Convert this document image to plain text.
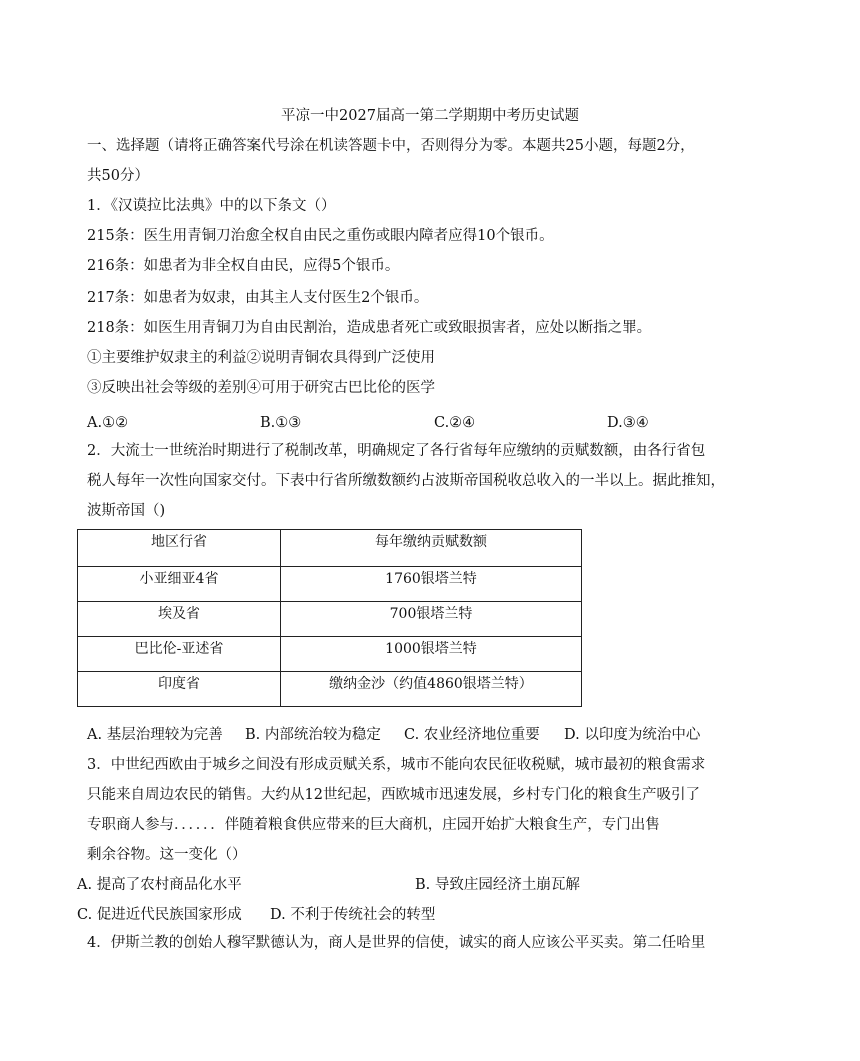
平凉一中2027届高一第二学期期中考历史试题
一、选择题（请将正确答案代号涂在机读答题卡中，否则得分为零。本题共25小题，每题2分，
共50分）
1．《汉谟拉比法典》中的以下条文（）
215条：医生用青铜刀治愈全权自由民之重伤或眼内障者应得10个银币。
216条：如患者为非全权自由民，应得5个银币。
217条：如患者为奴隶，由其主人支付医生2个银币。
218条：如医生用青铜刀为自由民割治，造成患者死亡或致眼损害者，应处以断指之罪。
①主要维护奴隶主的利益②说明青铜农具得到广泛使用
③反映出社会等级的差别④可用于研究古巴比伦的医学
A.①②	B.①③	C.②④	D.③④
2．大流士一世统治时期进行了税制改革，明确规定了各行省每年应缴纳的贡赋数额，由各行省包
税人每年一次性向国家交付。下表中行省所缴数额约占波斯帝国税收总收入的一半以上。据此推知，
波斯帝国（)
地区行省	每年缴纳贡赋数额
小亚细亚4省	1760银塔兰特
埃及省	700银塔兰特
巴比伦-亚述省	1000银塔兰特
印度省	缴纳金沙（约值4860银塔兰特）
A. 基层治理较为完善 B. 内部统治较为稳定 C. 农业经济地位重要 D. 以印度为统治中心
3．中世纪西欧由于城乡之间没有形成贡赋关系，城市不能向农民征收税赋，城市最初的粮食需求
只能来自周边农民的销售。大约从12世纪起，西欧城市迅速发展，乡村专门化的粮食生产吸引了
专职商人参与．．．．．．伴随着粮食供应带来的巨大商机，庄园开始扩大粮食生产，专门出售
剩余谷物。这一变化（）
A. 提高了农村商品化水平	B. 导致庄园经济土崩瓦解
C. 促进近代民族国家形成 D. 不利于传统社会的转型
4．伊斯兰教的创始人穆罕默德认为，商人是世界的信使，诚实的商人应该公平买卖。第二任哈里
